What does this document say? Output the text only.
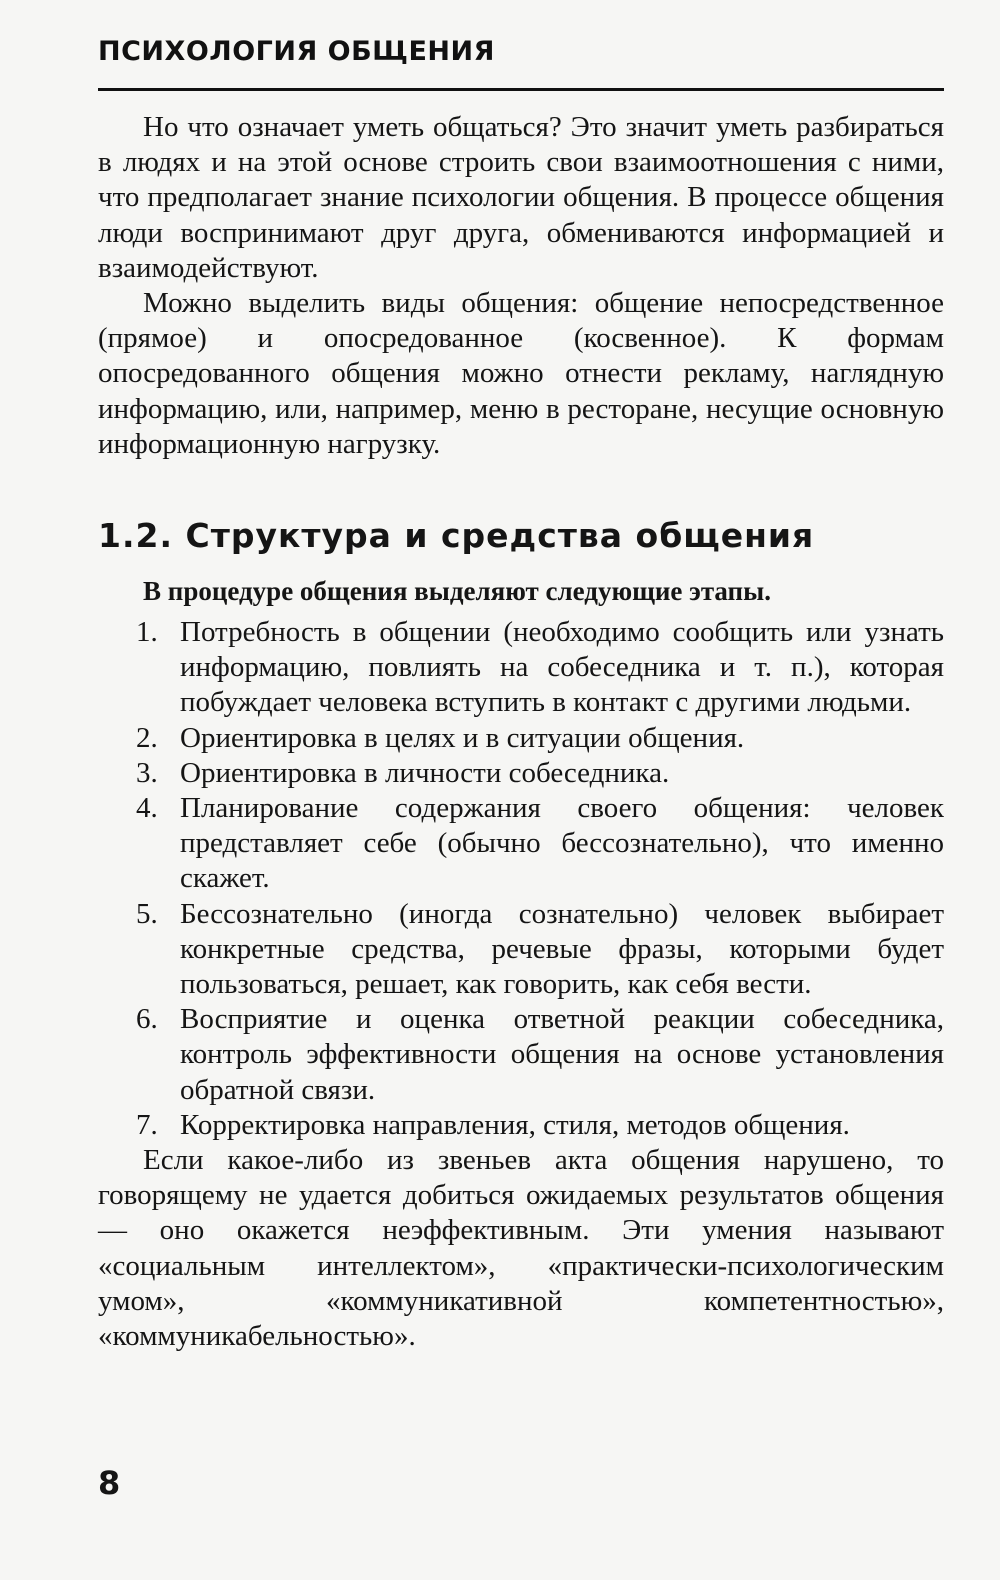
ПСИХОЛОГИЯ ОБЩЕНИЯ

Но что означает уметь общаться? Это значит уметь разбираться в людях и на этой основе строить свои взаимоотношения с ними, что предполагает знание психологии общения. В процессе общения люди воспринимают друг друга, обмениваются информацией и взаимодействуют.

Можно выделить виды общения: общение непосредственное (прямое) и опосредованное (косвенное). К формам опосредованного общения можно отнести рекламу, наглядную информацию, или, например, меню в ресторане, несущие основную информационную нагрузку.

1.2. Структура и средства общения
В процедуре общения выделяют следующие этапы.
1. Потребность в общении (необходимо сообщить или узнать информацию, повлиять на собеседника и т. п.), которая побуждает человека вступить в контакт с другими людьми.
2. Ориентировка в целях и в ситуации общения.
3. Ориентировка в личности собеседника.
4. Планирование содержания своего общения: человек представляет себе (обычно бессознательно), что именно скажет.
5. Бессознательно (иногда сознательно) человек выбирает конкретные средства, речевые фразы, которыми будет пользоваться, решает, как говорить, как себя вести.
6. Восприятие и оценка ответной реакции собеседника, контроль эффективности общения на основе установления обратной связи.
7. Корректировка направления, стиля, методов общения.

Если какое-либо из звеньев акта общения нарушено, то говорящему не удается добиться ожидаемых результатов общения — оно окажется неэффективным. Эти умения называют «социальным интеллектом», «практически-психологическим умом», «коммуникативной компетентностью», «коммуникабельностью».

8
